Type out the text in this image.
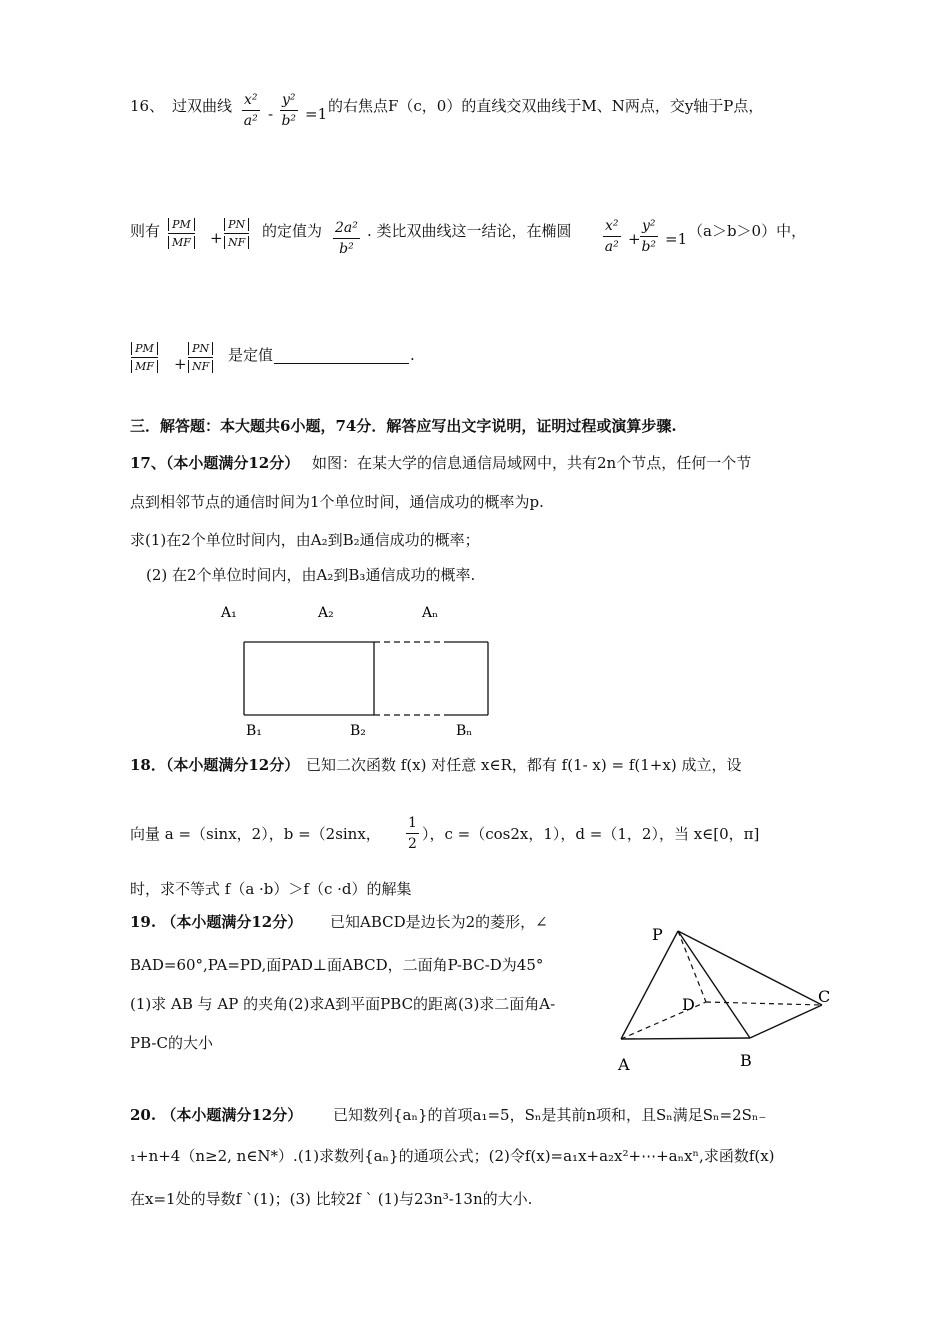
16、 过双曲线 x²
a² -
y²
b² =1 的右焦点F（c，0）的直线交双曲线于M、N两点，交y轴于P点，
则有	PM
MF +
PN
NF
的定值为 2a²
b²
. 类比双曲线这一结论，在椭圆 x²
a² +
y²
b² =1 （a＞b＞0）中，
PM
MF +
PN
NF
是定值	.
三．解答题：本大题共6小题，74分．解答应写出文字说明，证明过程或演算步骤.
17、（本小题满分12分） 如图：在某大学的信息通信局域网中，共有2n个节点，任何一个节
点到相邻节点的通信时间为1个单位时间，通信成功的概率为p.
求(1)在2个单位时间内，由A₂到B₂通信成功的概率；
(2) 在2个单位时间内，由A₂到B₃通信成功的概率.
A₁	A₂	Aₙ
B₁	B₂	Bₙ
18．（本小题满分12分） 已知二次函数 f(x) 对任意 x∈R，都有 f(1- x) = f(1+x) 成立，设
向量 a =（sinx，2），b =（2sinx，
1
2
），c =（cos2x，1），d =（1，2），当 x∈[0，π]
时，求不等式 f（a ·b）＞f（c ·d）的解集
19. （本小题满分12分） 已知ABCD是边长为2的菱形，∠
BAD=60°,PA=PD,面PAD⊥面ABCD，二面角P-BC-D为45°
(1)求 AB 与 AP 的夹角(2)求A到平面PBC的距离(3)求二面角A-
PB-C的大小
P
D	C
A	B
20. （本小题满分12分） 已知数列{aₙ}的首项a₁=5，Sₙ是其前n项和，且Sₙ满足Sₙ=2Sₙ₋
₁+n+4（n≥2, n∈N*）.(1)求数列{aₙ}的通项公式；(2)令f(x)=a₁x+a₂x²+⋯+aₙxⁿ,求函数f(x)
在x=1处的导数f `(1)；(3) 比较2f ` (1)与23n³-13n的大小.
